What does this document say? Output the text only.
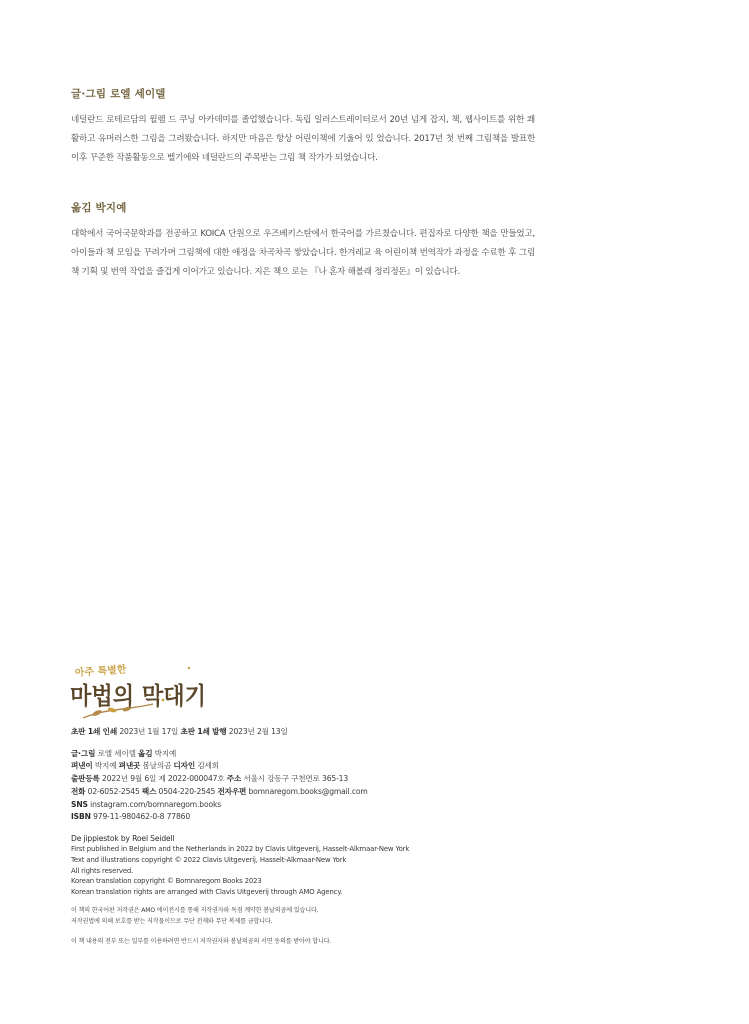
글·그림 로엘 세이델

네덜란드 로테르담의 윌렘 드 쿠닝 아카데미를 졸업했습니다. 독립 일러스트레이터로서 20년 넘게 잡지, 책, 웹사이트를 위한 쾌활하고 유머러스한 그림을 그려왔습니다. 하지만 마음은 항상 어린이책에 기울어 있 었습니다. 2017년 첫 번째 그림책을 발표한 이후 꾸준한 작품활동으로 벨기에와 네덜란드의 주목받는 그림 책 작가가 되었습니다.

옮김 박지예

대학에서 국어국문학과를 전공하고 KOICA 단원으로 우즈베키스탄에서 한국어를 가르쳤습니다. 편집자로 다양한 책을 만들었고, 아이들과 책 모임을 꾸려가며 그림책에 대한 애정을 차곡차곡 쌓았습니다. 한겨레교 육 어린이책 번역작가 과정을 수료한 후 그림책 기획 및 번역 작업을 즐겁게 이어가고 있습니다. 지은 책으 로는 『나 혼자 해볼래 정리정돈』이 있습니다.

아주 특별한
마법의 막대기
초판 1쇄 인쇄 2023년 1월 17일 초판 1쇄 발행 2023년 2월 13일
글·그림 로엘 세이델 옮김 박지예
펴낸이 박지예 펴낸곳 봄날의곰 디자인 김세희
출판등록 2022년 9월 6일 제 2022-000047호 주소 서울시 강동구 구천면로 365-13
전화 02-6052-2545 팩스 0504-220-2545 전자우편 bomnaregom.books@gmail.com
SNS instagram.com/bomnaregom.books
ISBN 979-11-980462-0-8 77860
De jippiestok by Roel Seidell
First published in Belgium and the Netherlands in 2022 by Clavis Uitgeverij, Hasselt-Alkmaar-New York
Text and illustrations copyright © 2022 Clavis Uitgeverij, Hasselt-Alkmaar-New York
All rights reserved.
Korean translation copyright © Bomnaregom Books 2023
Korean translation rights are arranged with Clavis Uitgeverij through AMO Agency.
이 책의 한국어판 저작권은 AMO 에이전시를 통해 저작권자와 독점 계약한 봄날의곰에 있습니다.
저작권법에 의해 보호를 받는 저작물이므로 무단 전재와 무단 복제를 금합니다.
이 책 내용의 전부 또는 일부를 이용하려면 반드시 저작권자와 봄날의곰의 서면 동의를 받아야 합니다.
